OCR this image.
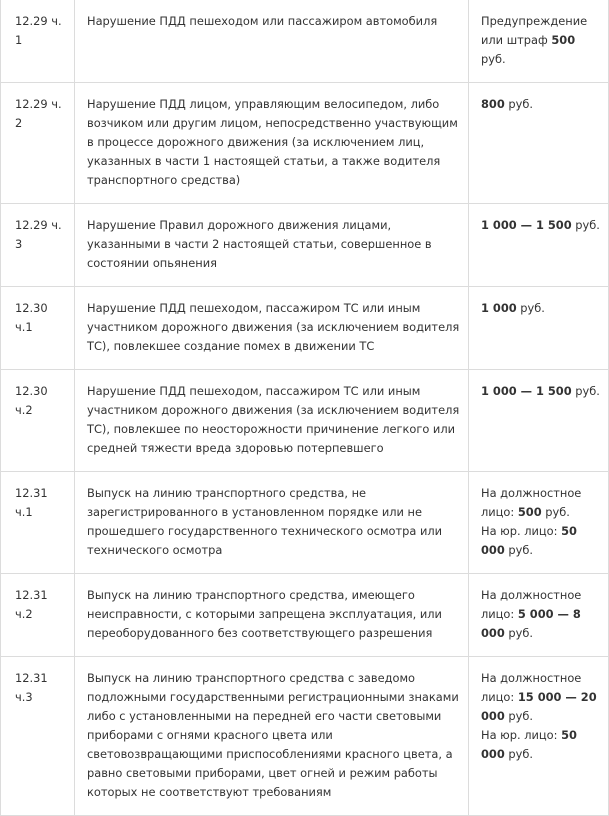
12.29 ч. 1	Нарушение ПДД пешеходом или пассажиром автомобиля	Предупреждение или штраф 500 руб.

12.29 ч. 2	Нарушение ПДД лицом, управляющим велосипедом, либо возчиком или другим лицом, непосредственно участвующим в процессе дорожного движения (за исключением лиц, указанных в части 1 настоящей статьи, а также водителя транспортного средства)	800 руб.

12.29 ч. 3	Нарушение Правил дорожного движения лицами, указанными в части 2 настоящей статьи, совершенное в состоянии опьянения	1 000 — 1 500 руб.

12.30 ч.1	Нарушение ПДД пешеходом, пассажиром ТС или иным участником дорожного движения (за исключением водителя ТС), повлекшее создание помех в движении ТС	1 000 руб.

12.30 ч.2	Нарушение ПДД пешеходом, пассажиром ТС или иным участником дорожного движения (за исключением водителя ТС), повлекшее по неосторожности причинение легкого или средней тяжести вреда здоровью потерпевшего	1 000 — 1 500 руб.

12.31 ч.1	Выпуск на линию транспортного средства, не зарегистрированного в установленном порядке или не прошедшего государственного технического осмотра или технического осмотра	На должностное лицо: 500 руб.
На юр. лицо: 50 000 руб.

12.31 ч.2	Выпуск на линию транспортного средства, имеющего неисправности, с которыми запрещена эксплуатация, или переоборудованного без соответствующего разрешения	На должностное лицо: 5 000 — 8 000 руб.

12.31 ч.3	Выпуск на линию транспортного средства с заведомо подложными государственными регистрационными знаками либо с установленными на передней его части световыми приборами с огнями красного цвета или световозвращающими приспособлениями красного цвета, а равно световыми приборами, цвет огней и режим работы которых не соответствуют требованиям	На должностное лицо: 15 000 — 20 000 руб.
На юр. лицо: 50 000 руб.
